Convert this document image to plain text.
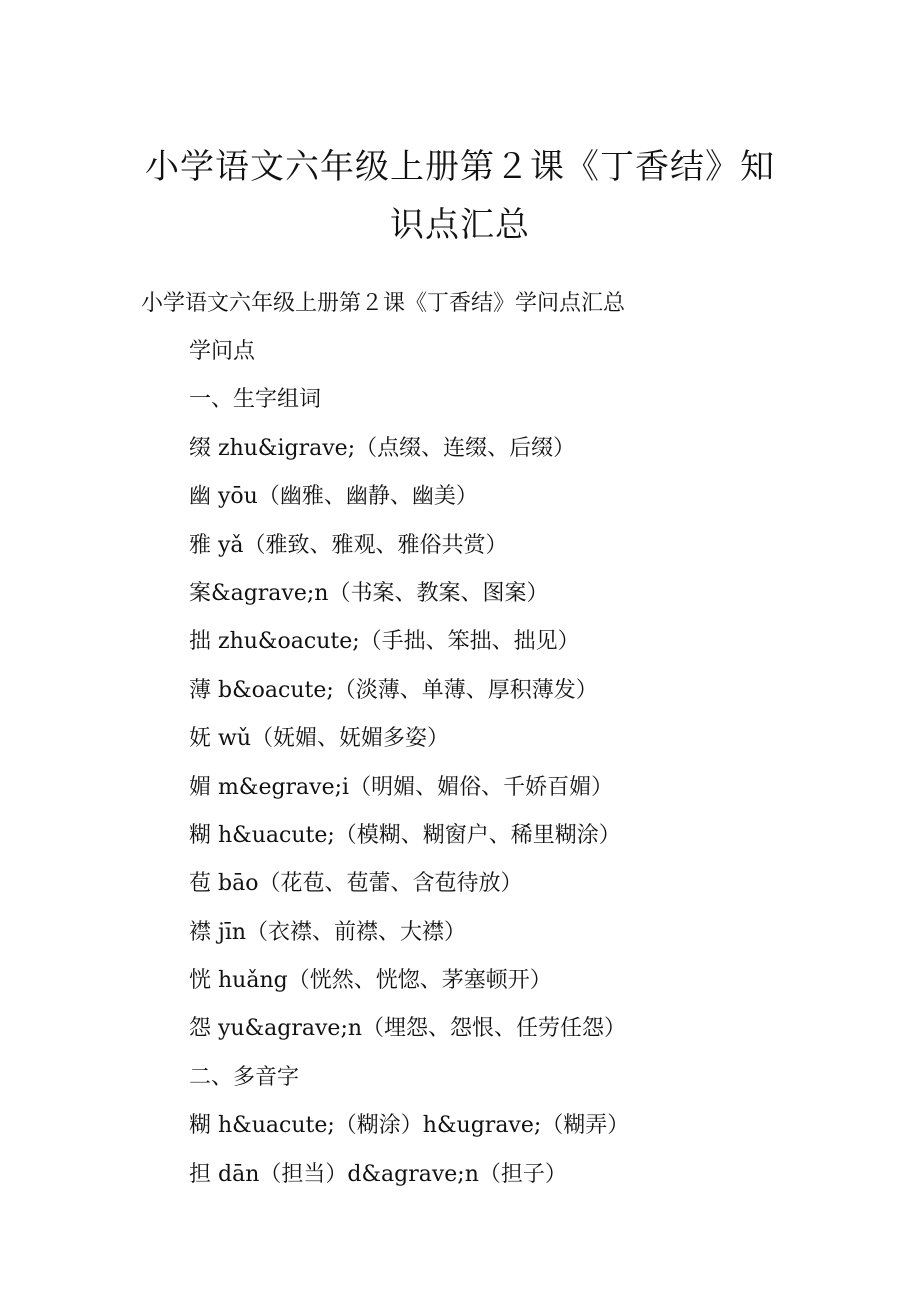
小学语文六年级上册第２课《丁香结》知
识点汇总
小学语文六年级上册第２课《丁香结》学问点汇总
学问点
一、生字组词
缀 zhu&igrave;（点缀、连缀、后缀）
幽 yōu（幽雅、幽静、幽美）
雅 yǎ（雅致、雅观、雅俗共赏）
案&agrave;n（书案、教案、图案）
拙 zhu&oacute;（手拙、笨拙、拙见）
薄 b&oacute;（淡薄、单薄、厚积薄发）
妩 wǔ（妩媚、妩媚多姿）
媚 m&egrave;i（明媚、媚俗、千娇百媚）
糊 h&uacute;（模糊、糊窗户、稀里糊涂）
苞 bāo（花苞、苞蕾、含苞待放）
襟 jīn（衣襟、前襟、大襟）
恍 huǎng（恍然、恍惚、茅塞顿开）
怨 yu&agrave;n（埋怨、怨恨、任劳任怨）
二、多音字
糊 h&uacute;（糊涂）h&ugrave;（糊弄）
担 dān（担当）d&agrave;n（担子）
